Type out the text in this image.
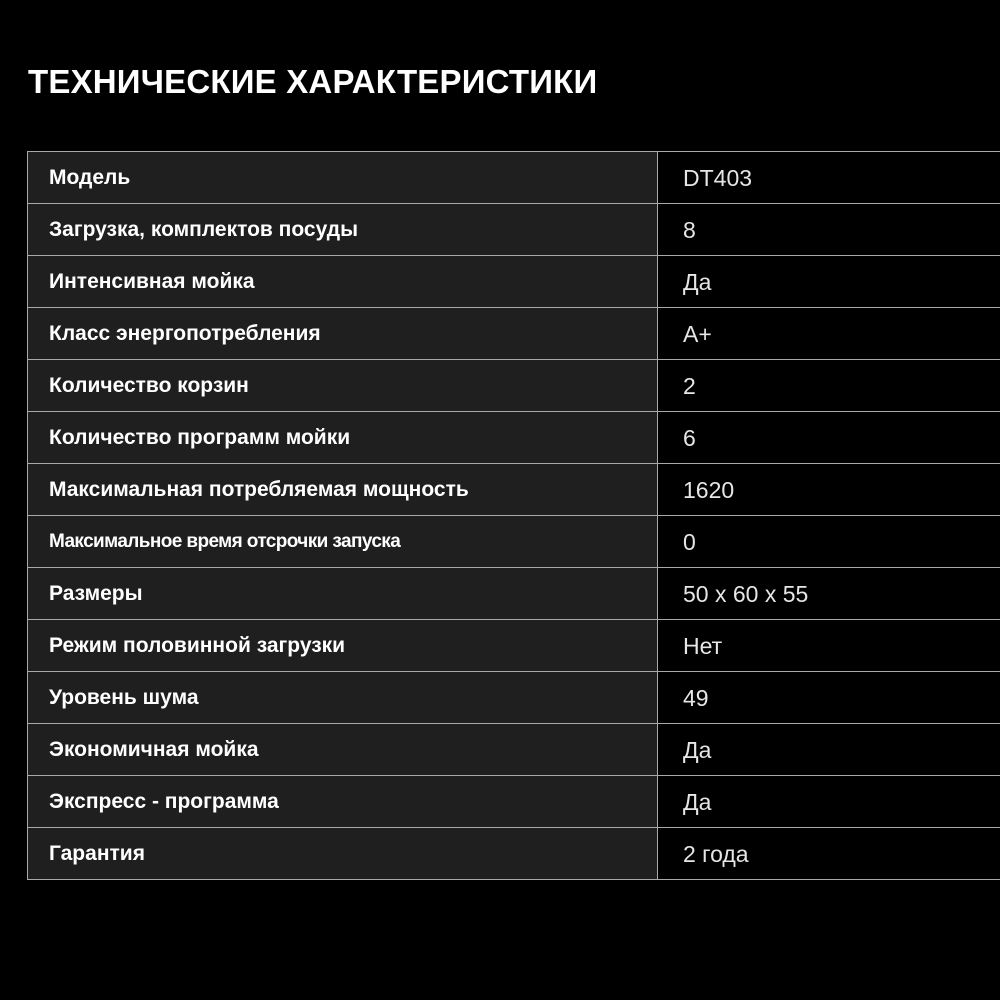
ТЕХНИЧЕСКИЕ ХАРАКТЕРИСТИКИ
Модель	DT403
Загрузка, комплектов посуды	8
Интенсивная мойка	Да
Класс энергопотребления	A+
Количество корзин	2
Количество программ мойки	6
Максимальная потребляемая мощность	1620
Максимальное время отсрочки запуска	0
Размеры	50 x 60 x 55
Режим половинной загрузки	Нет
Уровень шума	49
Экономичная мойка	Да
Экспресс - программа	Да
Гарантия	2 года
